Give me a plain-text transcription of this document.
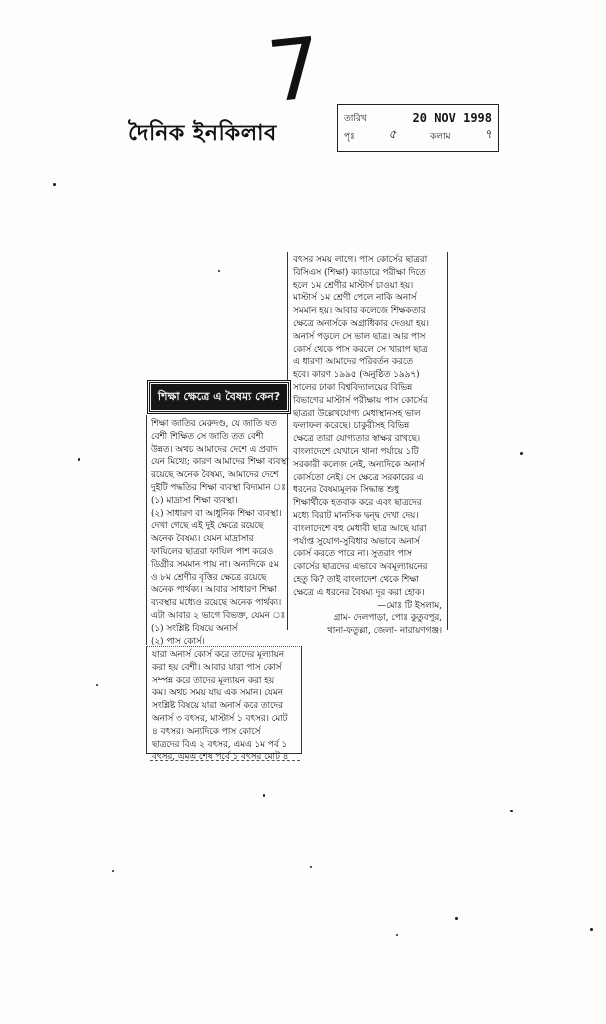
7
দৈনিক ইনকিলাব
তারিখ	20 NOV 1998
পৃঃ	৫	কলাম	৭

বৎসর সময় লাগে। পাস কোর্সের ছাত্ররা

বিসিএস (শিক্ষা) ক্যাডারে পরীক্ষা দিতে

হলে ১ম শ্রেণীর মাস্টার্স চাওয়া হয়।

মাস্টার্স ১ম শ্রেণী পেলে নাকি অনার্স

সমমান হয়। আবার কলেজে শিক্ষকতার

ক্ষেত্রে অনার্সকে অগ্রাধিকার দেওয়া হয়।

অনার্স পড়লে সে ভাল ছাত্র। আর পাস

কোর্স থেকে পাস করলে সে খারাপ ছাত্র

এ ধারণা আমাদের পরিবর্তন করতে

হবে। কারণ ১৯৯৫ (অনুষ্ঠিত ১৯৯৭)

সালের ঢাকা বিশ্ববিদ্যালয়ের বিভিন্ন

বিভাগের মাস্টার্স পরীক্ষায় পাস কোর্সের

ছাত্ররা উল্লেখযোগ্য মেধাস্থানসহ ভাল

ফলাফল করেছে। চাকুরীসহ বিভিন্ন

ক্ষেত্রে তারা যোগ্যতার স্বাক্ষর রাখছে।

বাংলাদেশে যেখানে থানা পর্যায়ে ১টি

সরকারী কলেজ নেই, অন্যদিকে অনার্স

কোর্সতো নেই। সে ক্ষেত্রে সরকারের এ

ধরনের বৈষম্যমূলক সিদ্ধান্ত শুধু

শিক্ষার্থীকে হতবাক করে এবং ছাত্রদের

মধ্যে বিরাট মানসিক দ্বন্দ্ব দেখা দেয়।

বাংলাদেশে বহু মেধাবী ছাত্র আছে যারা

পর্যাপ্ত সুযোগ-সুবিধার অভাবে অনার্স

কোর্স করতে পারে না। সুতরাং পাস

কোর্সের ছাত্রদের এভাবে অবমূল্যায়নের

হেতু কি? তাই বাংলাদেশ থেকে শিক্ষা

ক্ষেত্রে এ ধরনের বৈষম্য দূর করা হোক।

—মোঃ টি ইসলাম,

গ্রাম- দেলপাড়া, পোঃ কুতুবপুর,

থানা-ফতুল্লা, জেলা- নারায়ণগঞ্জ।

শিক্ষা ক্ষেত্রে এ বৈষম্য কেন?

শিক্ষা জাতির মেরুদণ্ড, যে জাতি যত

বেশী শিক্ষিত সে জাতি তত বেশী

উন্নত। অথচ আমাদের দেশে এ প্রবাদ

যেন মিথ্যে; কারণ আমাদের শিক্ষা ব্যবস্থা

রয়েছে অনেক বৈষম্য, আমাদের দেশে

দুইটি পদ্ধতির শিক্ষা ব্যবস্থা বিদ্যমান ঃ

(১) মাদ্রাসা শিক্ষা ব্যবস্থা।

(২) সাধারণ বা আধুনিক শিক্ষা ব্যবস্থা।

দেখা গেছে এই দুই ক্ষেত্রে রয়েছে

অনেক বৈষম্য। যেমন মাদ্রাসার

ফাযিলের ছাত্ররা ফাযিল পাশ করেও

ডিগ্রীর সমমান পায় না। অন্যদিকে ৫ম

ও ৮ম শ্রেণীর বৃত্তির ক্ষেত্রে রয়েছে

অনেক পার্থক্য। আবার সাধারণ শিক্ষা

ব্যবস্থার মধ্যেও রয়েছে অনেক পার্থক্য।

এটা আবার ২ ভাগে বিভক্ত, যেমন ঃ

(১) সংশ্লিষ্ট বিষয়ে অনার্স

(২) পাস কোর্স।

যারা অনার্স কোর্স করে তাদের মূল্যায়ন

করা হয় বেশী। আবার যারা পাস কোর্স

সম্পন্ন করে তাদের মূল্যায়ন করা হয়

কম। অথচ সময় যায় এক সমান। যেমন

সংশ্লিষ্ট বিষয়ে যারা অনার্স করে তাদের

অনার্স ৩ বৎসর, মাস্টার্স ১ বৎসর। মোট

৪ বৎসর। অন্যদিকে পাস কোর্সে

ছাত্রদের বিএ ২ বৎসর, এমএ ১ম পর্ব ১

বৎসর, এমএ শেষ পর্বে ১ বৎসর মোট ৪
